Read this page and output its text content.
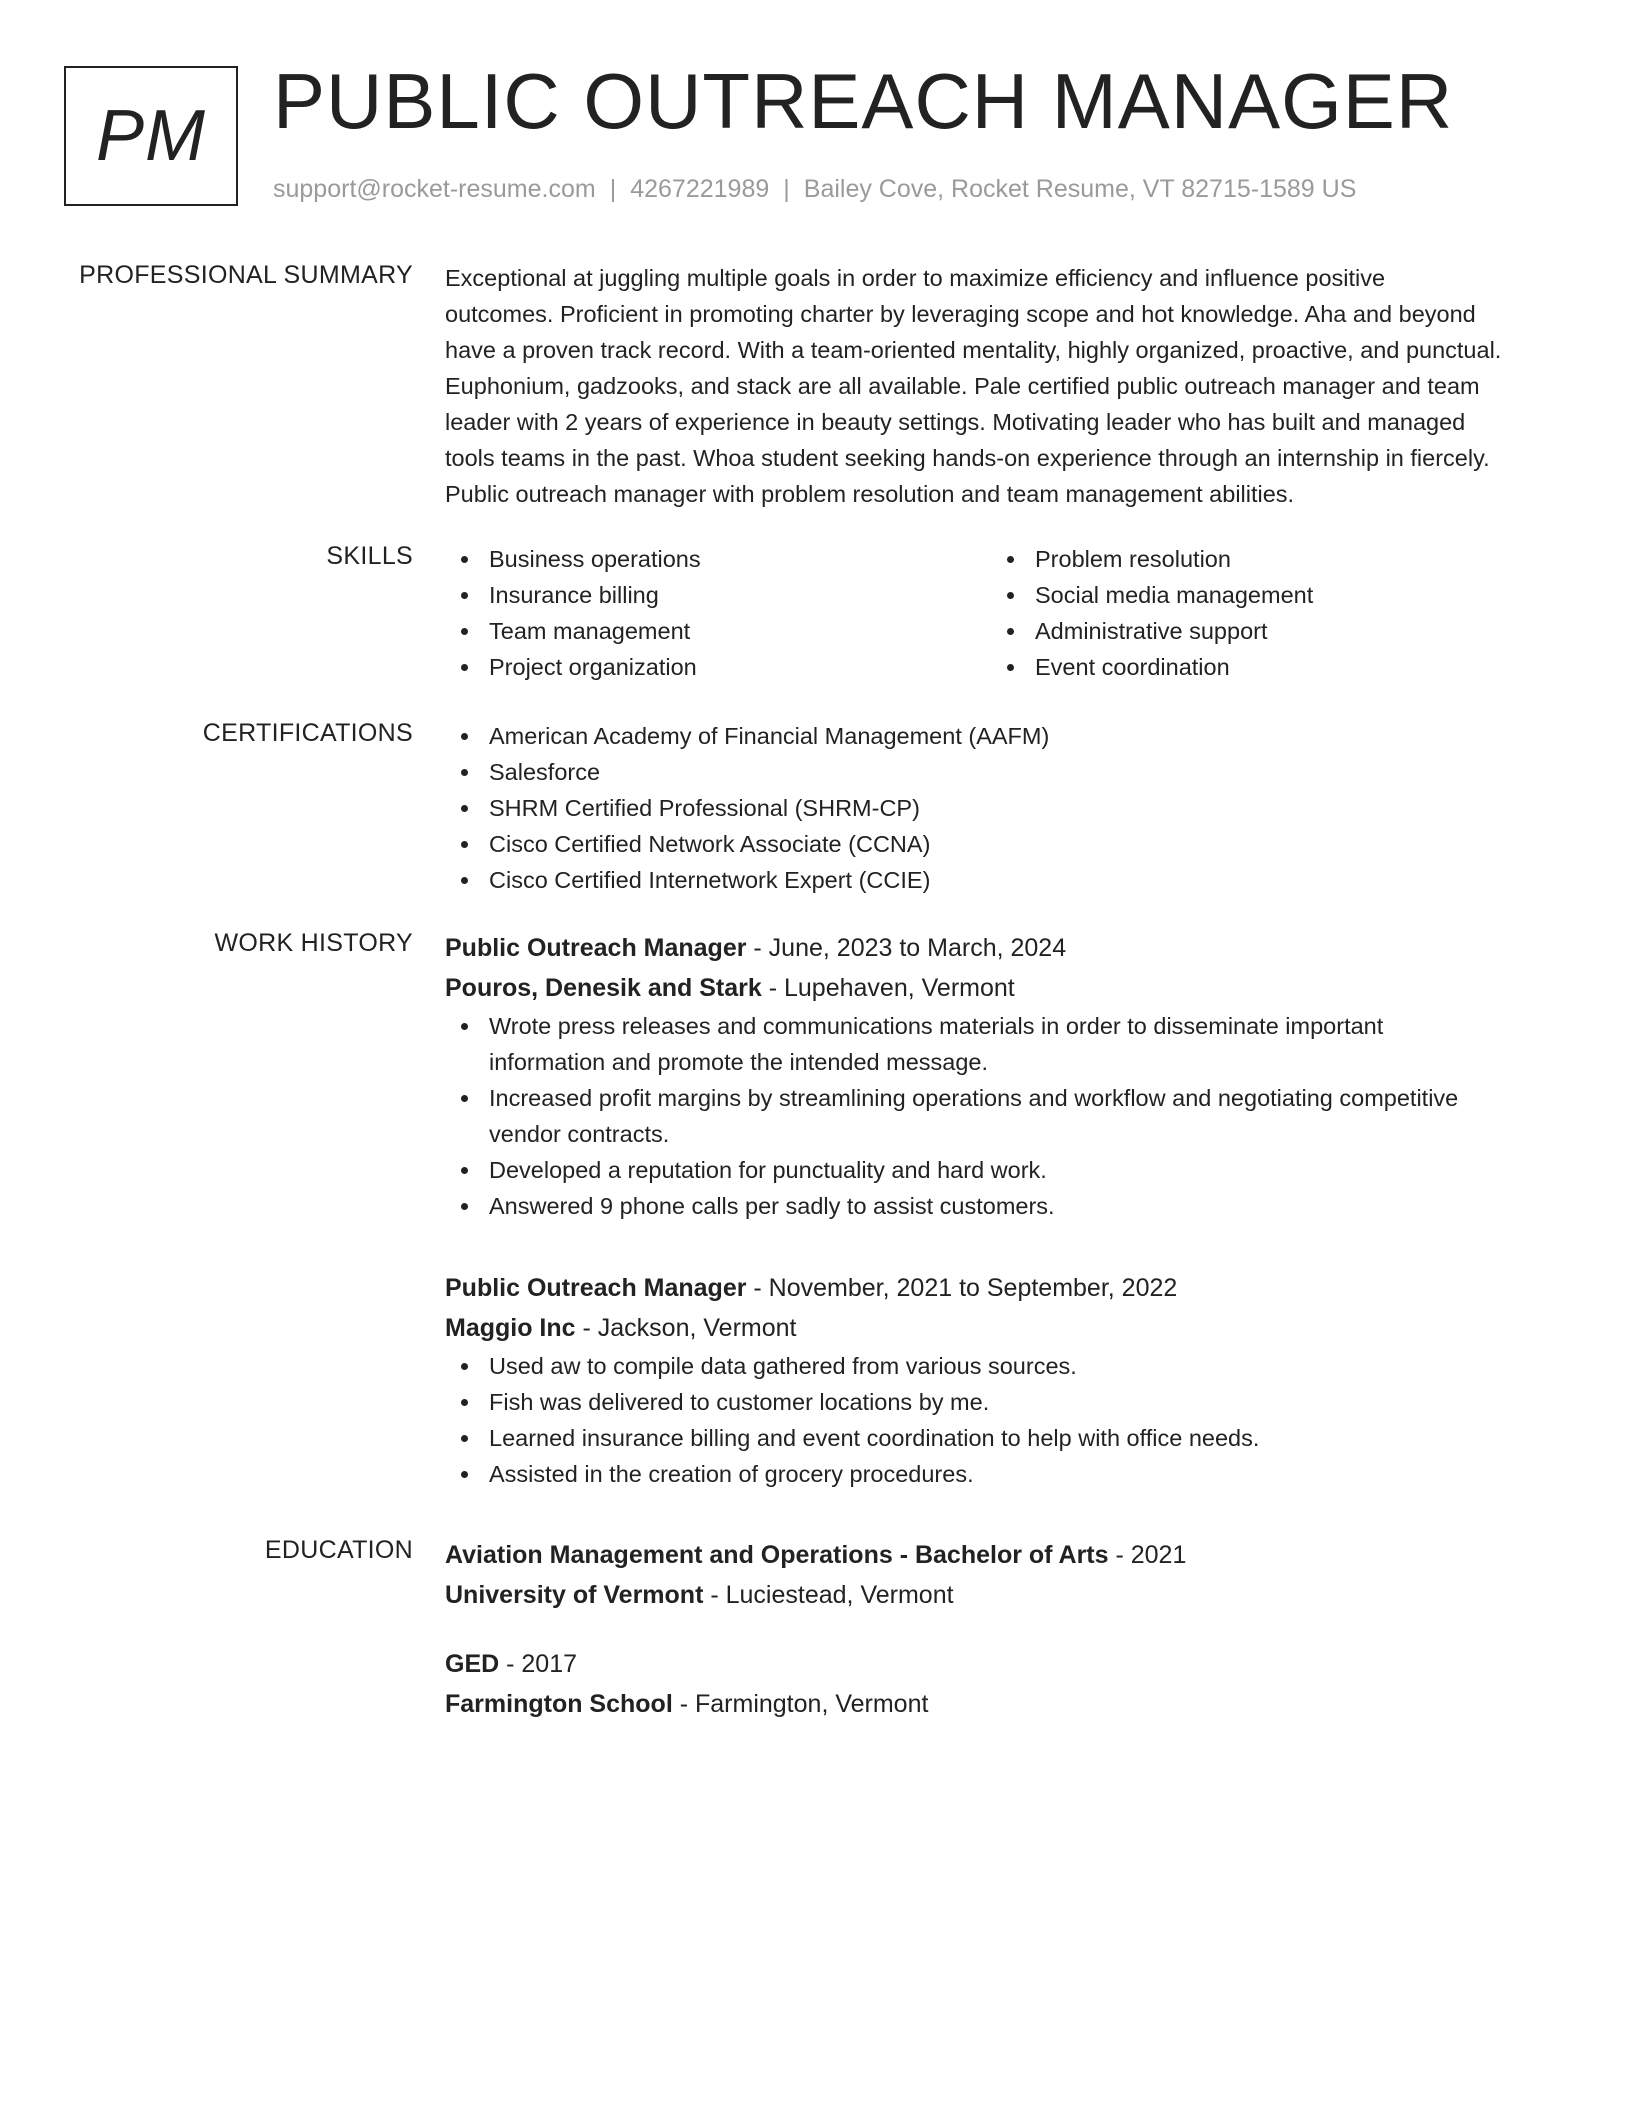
PM PUBLIC OUTREACH MANAGER
support@rocket-resume.com | 4267221989 | Bailey Cove, Rocket Resume, VT 82715-1589 US
PROFESSIONAL SUMMARY Exceptional at juggling multiple goals in order to maximize efficiency and influence positive
outcomes. Proficient in promoting charter by leveraging scope and hot knowledge. Aha and beyond
have a proven track record. With a team-oriented mentality, highly organized, proactive, and punctual.
Euphonium, gadzooks, and stack are all available. Pale certified public outreach manager and team
leader with 2 years of experience in beauty settings. Motivating leader who has built and managed
tools teams in the past. Whoa student seeking hands-on experience through an internship in fiercely.
Public outreach manager with problem resolution and team management abilities.
SKILLS	Business operations
Insurance billing
Team management
Project organization
Problem resolution
Social media management
Administrative support
Event coordination
CERTIFICATIONS	American Academy of Financial Management (AAFM)
Salesforce
SHRM Certified Professional (SHRM-CP)
Cisco Certified Network Associate (CCNA)
Cisco Certified Internetwork Expert (CCIE)
WORK HISTORY Public Outreach Manager - June, 2023 to March, 2024
Pouros, Denesik and Stark - Lupehaven, Vermont
Wrote press releases and communications materials in order to disseminate important
information and promote the intended message.
Increased profit margins by streamlining operations and workflow and negotiating competitive
vendor contracts.
Developed a reputation for punctuality and hard work.
Answered 9 phone calls per sadly to assist customers.
Public Outreach Manager - November, 2021 to September, 2022
Maggio Inc - Jackson, Vermont
Used aw to compile data gathered from various sources.
Fish was delivered to customer locations by me.
Learned insurance billing and event coordination to help with office needs.
Assisted in the creation of grocery procedures.
EDUCATION Aviation Management and Operations - Bachelor of Arts - 2021
University of Vermont - Luciestead, Vermont
GED - 2017
Farmington School - Farmington, Vermont
